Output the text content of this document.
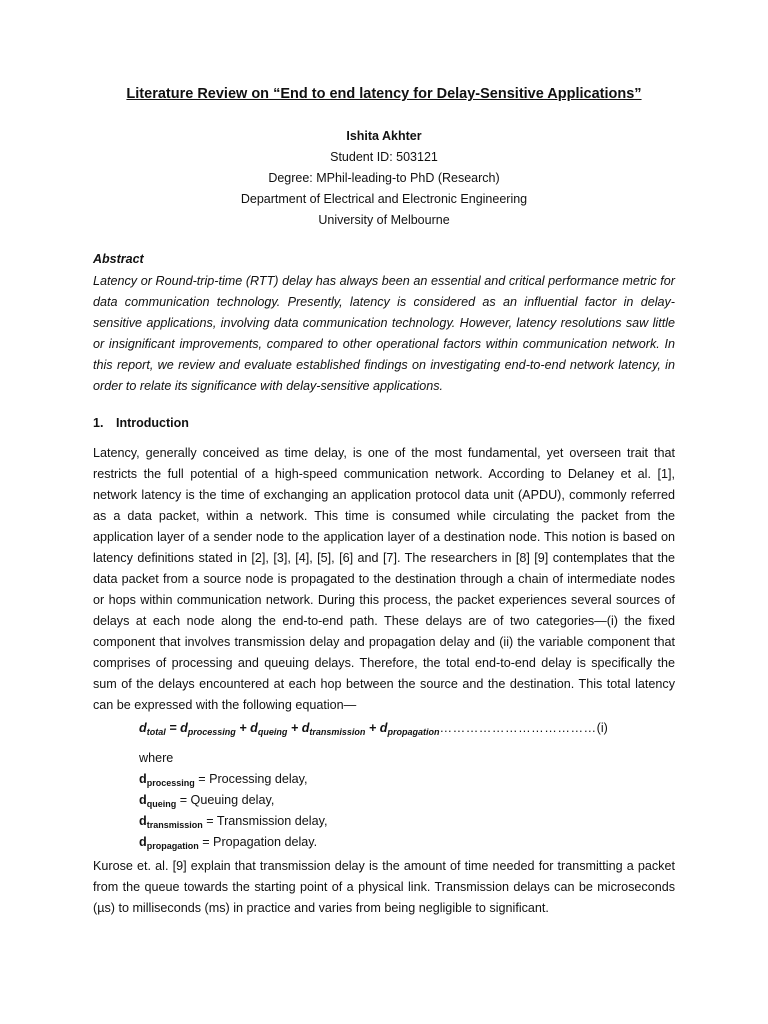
Literature Review on “End to end latency for Delay-Sensitive Applications”
Ishita Akhter
Student ID: 503121
Degree: MPhil-leading-to PhD (Research)
Department of Electrical and Electronic Engineering
University of Melbourne
Abstract
Latency or Round-trip-time (RTT) delay has always been an essential and critical performance metric for data communication technology. Presently, latency is considered as an influential factor in delay-sensitive applications, involving data communication technology. However, latency resolutions saw little or insignificant improvements, compared to other operational factors within communication network. In this report, we review and evaluate established findings on investigating end-to-end network latency, in order to relate its significance with delay-sensitive applications.
1. Introduction
Latency, generally conceived as time delay, is one of the most fundamental, yet overseen trait that restricts the full potential of a high-speed communication network. According to Delaney et al. [1], network latency is the time of exchanging an application protocol data unit (APDU), commonly referred as a data packet, within a network. This time is consumed while circulating the packet from the application layer of a sender node to the application layer of a destination node. This notion is based on latency definitions stated in [2], [3], [4], [5], [6] and [7]. The researchers in [8] [9] contemplates that the data packet from a source node is propagated to the destination through a chain of intermediate nodes or hops within communication network. During this process, the packet experiences several sources of delays at each node along the end-to-end path. These delays are of two categories—(i) the fixed component that involves transmission delay and propagation delay and (ii) the variable component that comprises of processing and queuing delays. Therefore, the total end-to-end delay is specifically the sum of the delays encountered at each hop between the source and the destination. This total latency can be expressed with the following equation—
$d_{total} = d_{processing} + d_{queing} + d_{transmission}$ + $d_{propagation}\dots\dots\dots\dots\dots\dots\dots\dots\dots\dots\dots\dots(i)$
where
$d_{processing}$ = Processing delay,
$d_{queing}$ = Queuing delay,
$d_{transmission}$ = Transmission delay,
$d_{propagation}$ = Propagation delay.
Kurose et. al. [9] explain that transmission delay is the amount of time needed for transmitting a packet from the queue towards the starting point of a physical link. Transmission delays can be microseconds (µs) to milliseconds (ms) in practice and varies from being negligible to significant.
